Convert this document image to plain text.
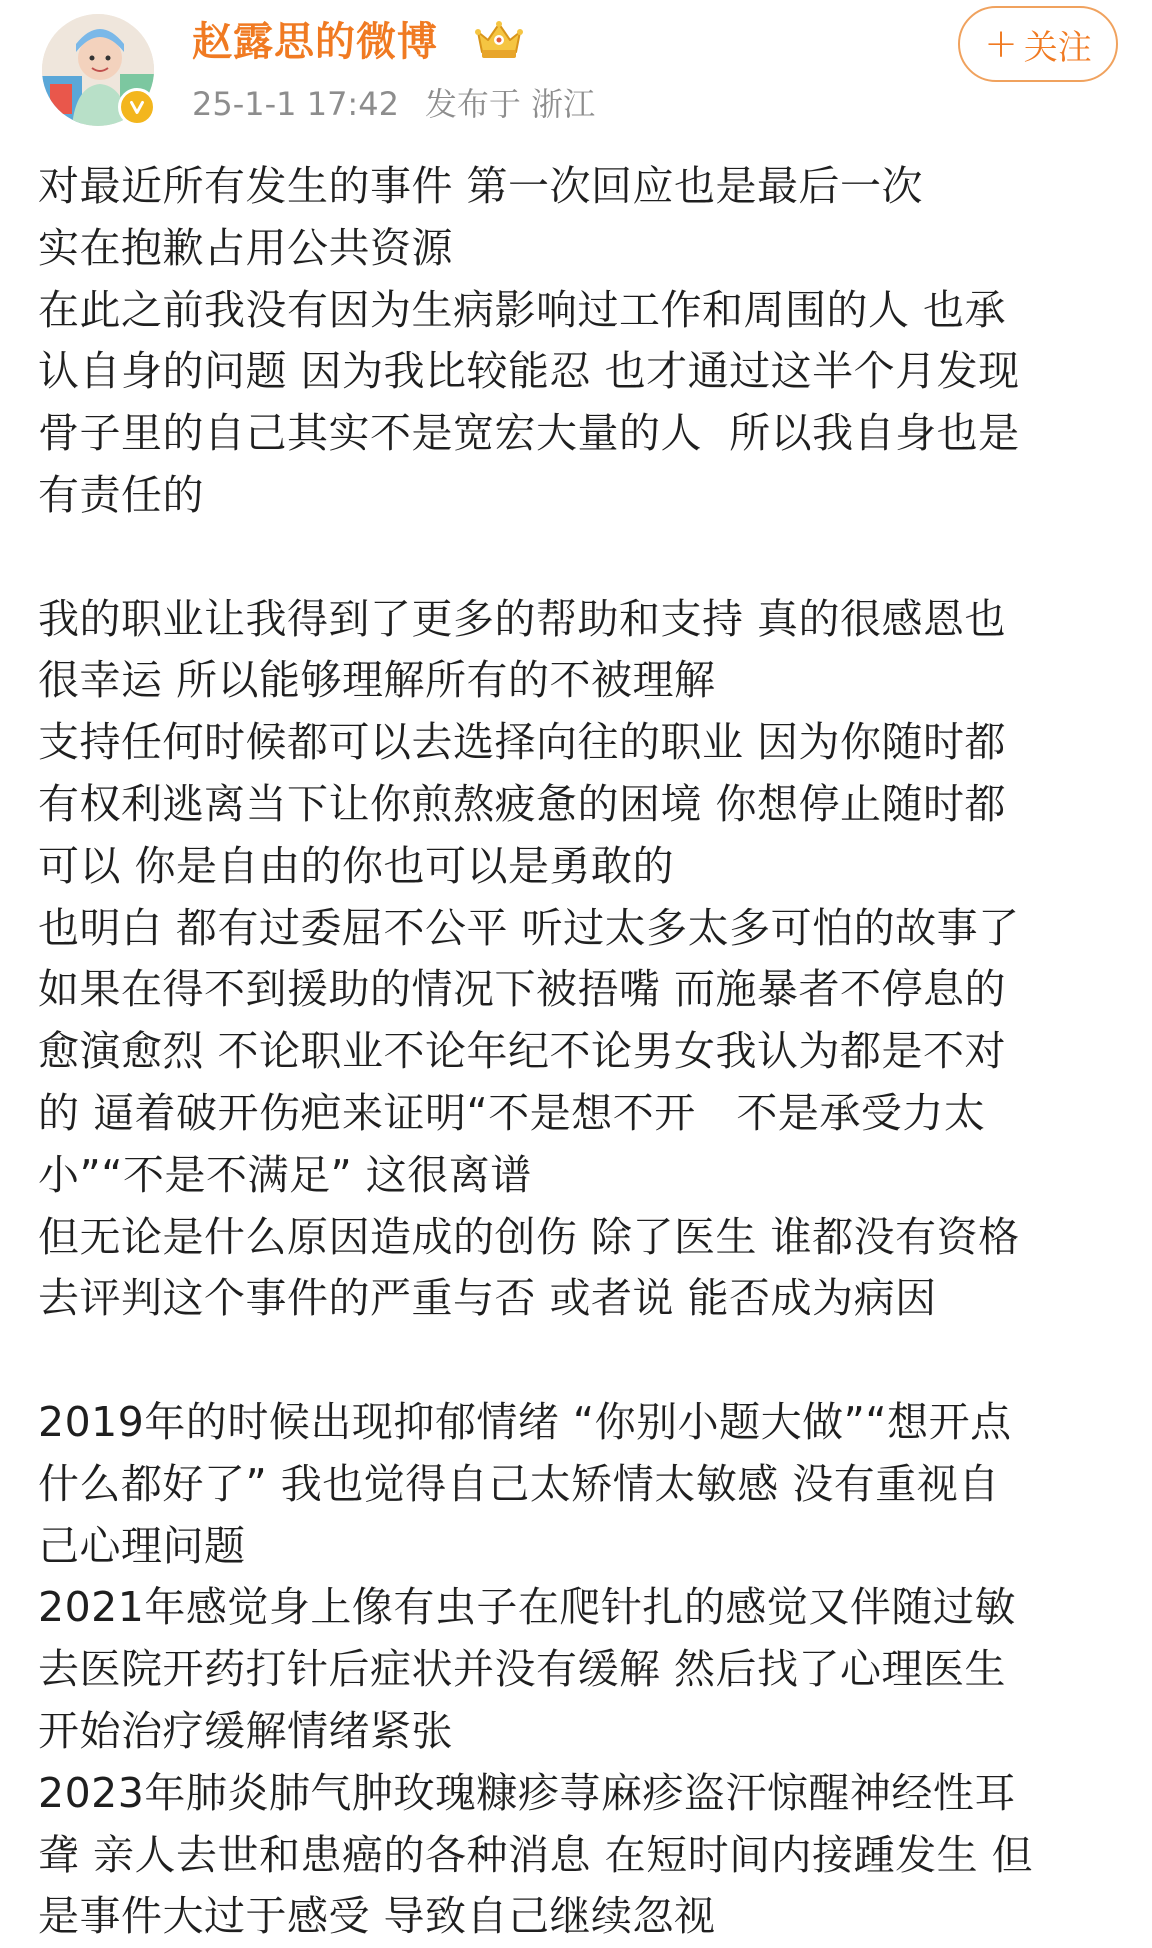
赵露思的微博
25-1-1 17:42 发布于 浙江
+ 关注
对最近所有发生的事件 第一次回应也是最后一次
实在抱歉占用公共资源
在此之前我没有因为生病影响过工作和周围的人 也承
认自身的问题 因为我比较能忍 也才通过这半个月发现
骨子里的自己其实不是宽宏大量的人  所以我自身也是
有责任的
我的职业让我得到了更多的帮助和支持 真的很感恩也
很幸运 所以能够理解所有的不被理解
支持任何时候都可以去选择向往的职业 因为你随时都
有权利逃离当下让你煎熬疲惫的困境 你想停止随时都
可以 你是自由的你也可以是勇敢的
也明白 都有过委屈不公平 听过太多太多可怕的故事了
如果在得不到援助的情况下被捂嘴 而施暴者不停息的
愈演愈烈 不论职业不论年纪不论男女我认为都是不对
的 逼着破开伤疤来证明“不是想不开   不是承受力太
小”“不是不满足” 这很离谱
但无论是什么原因造成的创伤 除了医生 谁都没有资格
去评判这个事件的严重与否 或者说 能否成为病因
2019年的时候出现抑郁情绪 “你别小题大做”“想开点
什么都好了” 我也觉得自己太矫情太敏感 没有重视自
己心理问题
2021年感觉身上像有虫子在爬针扎的感觉又伴随过敏
去医院开药打针后症状并没有缓解 然后找了心理医生
开始治疗缓解情绪紧张
2023年肺炎肺气肿玫瑰糠疹荨麻疹盗汗惊醒神经性耳
聋 亲人去世和患癌的各种消息 在短时间内接踵发生 但
是事件大过于感受 导致自己继续忽视
